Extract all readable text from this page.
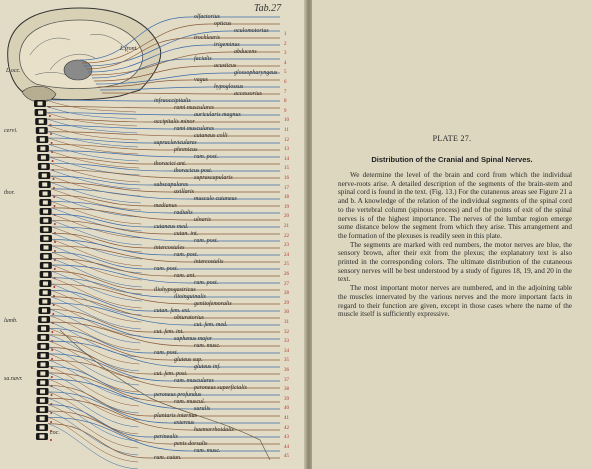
Tab.27
olfactorius
opticus
oculomotorius
trochlearis
trigeminus
abducens
facialis
acusticus
glossopharyngeus
vagus
hypoglossus
accessorius
infraoccipitalis
rami musculares
auricularis magnus
occipitalis minor
rami musculares
cutaneus colli
supraclaviculares
phrenicus
ram. post.
thoracici ant.
thoracicus post.
suprascapularis
subscapulares
axillaris
musculo cutaneus
medianus
radialis
ulnaris
cutaneus med.
cutan. int.
ram. post.
intercostales
ram. post.
intercostalis
ram. post.
ram. ant.
ram. post.
iliohypogastricus
ilioinguinalis
genitofemoralis
cutan. fem. ext.
obturatorius
cut. fem. med.
cut. fem. int.
saphenus major
ram. musc.
ram. post.
gluteus sup.
gluteus inf.
cut. fem. post.
ram. musculares
peroneus superficialis
peroneus profundus
ram. muscul.
suralis
plantaris internus
externus
haemorrhoidalis
perinealis
penis dorsalis
ram. musc.
ram. cutan.
1
2
3
4
5
6
7
8
9
10
11
12
13
14
15
16
17
18
19
20
21
22
23
24
25
26
27
28
29
30
31
32
33
34
35
36
37
38
39
40
41
42
43
44
45
L.front.
L.occ.
cervi.
thor.
lumb.
sa.navr.
coc.
PLATE 27.
Distribution of the Cranial and Spinal Nerves.

We determine the level of the brain and cord from which the individual nerve-roots arise. A detailed description of the segments of the brain-stem and spinal cord is found in the text. (Fig. 13.) For the cutaneous areas see Figure 21 a and b. A knowledge of the relation of the individual segments of the spinal cord to the vertebral column (spinous process) and of the points of exit of the spinal nerves is of the highest importance. The nerves of the lumbar region emerge some distance below the segment from which they arise. This arrangement and the formation of the plexuses is readily seen in this plate.

The segments are marked with red numbers, the motor nerves are blue, the sensory brown, after their exit from the plexus; the explanatory text is also printed in the corresponding colors. The ultimate distribution of the cutaneous sensory nerves will be best understood by a study of figures 18, 19, and 20 in the text.

The most important motor nerves are numbered, and in the adjoining table the muscles innervated by the various nerves and the more important facts in regard to their function are given, except in those cases where the name of the muscle itself is sufficiently expressive.
